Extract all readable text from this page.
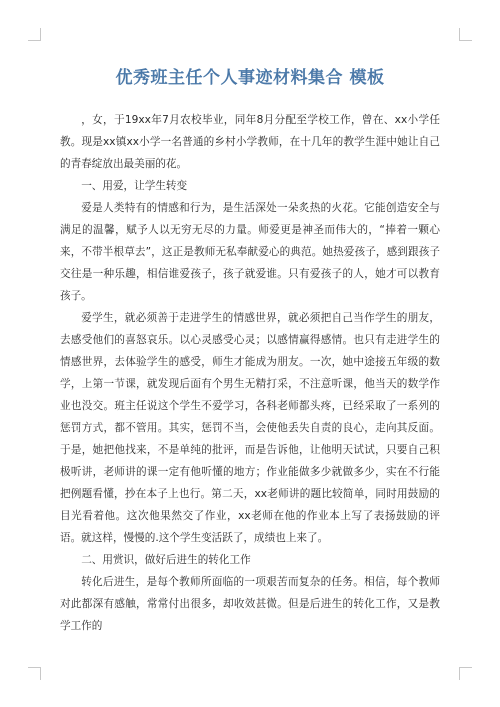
优秀班主任个人事迹材料集合 模板

，女，于19xx年7月农校毕业，同年8月分配至学校工作，曾在、xx小学任教。现是xx镇xx小学一名普通的乡村小学教师，在十几年的教学生涯中她让自己的青春绽放出最美丽的花。

一、用爱，让学生转变

爱是人类特有的情感和行为，是生活深处一朵炙热的火花。它能创造安全与满足的温馨，赋予人以无穷无尽的力量。师爱更是神圣而伟大的，“捧着一颗心来，不带半根草去”，这正是教师无私奉献爱心的典范。她热爱孩子，感到跟孩子交往是一种乐趣，相信谁爱孩子，孩子就爱谁。只有爱孩子的人，她才可以教育孩子。

爱学生，就必须善于走进学生的情感世界，就必须把自己当作学生的朋友，去感受他们的喜怒哀乐。以心灵感受心灵；以感情赢得感情。也只有走进学生的情感世界，去体验学生的感受，师生才能成为朋友。一次，她中途接五年级的数学，上第一节课，就发现后面有个男生无精打采，不注意听课，他当天的数学作业也没交。班主任说这个学生不爱学习，各科老师都头疼，已经采取了一系列的惩罚方式，都不管用。其实，惩罚不当，会使他丢失自责的良心，走向其反面。于是，她把他找来，不是单纯的批评，而是告诉他，让他明天试试，只要自己积极听讲，老师讲的课一定有他听懂的地方；作业能做多少就做多少，实在不行能把例题看懂，抄在本子上也行。第二天，xx老师讲的题比较简单，同时用鼓励的目光看着他。这次他果然交了作业，xx老师在他的作业本上写了表扬鼓励的评语。就这样，慢慢的.这个学生变活跃了，成绩也上来了。

二、用赏识，做好后进生的转化工作

转化后进生，是每个教师所面临的一项艰苦而复杂的任务。相信，每个教师对此都深有感触，常常付出很多，却收效甚微。但是后进生的转化工作，又是教学工作的
